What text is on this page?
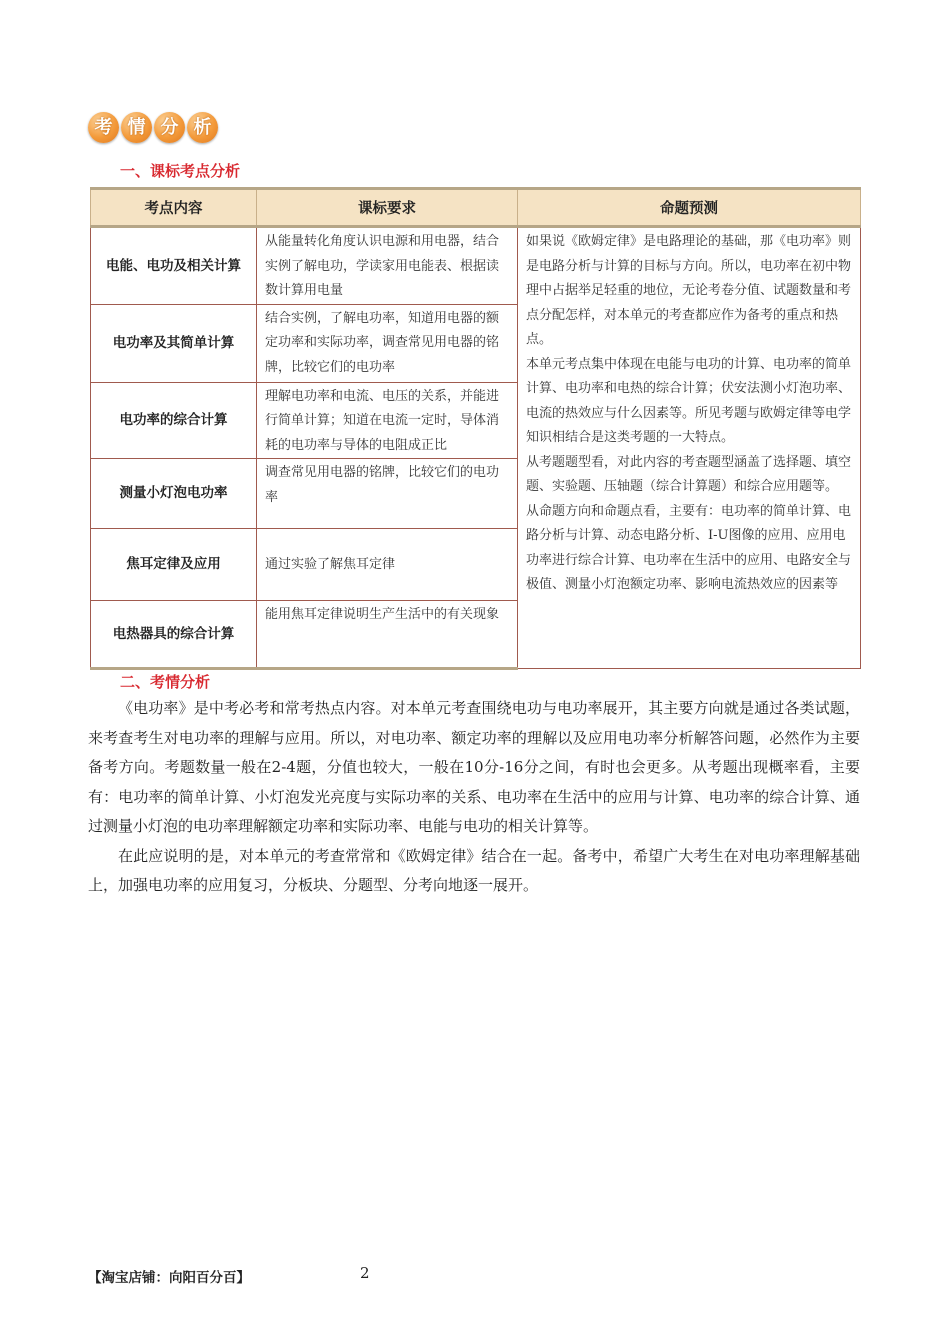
考 情 分 析
一、课标考点分析
考点内容	课标要求	命题预测
电能、电功及相关计算	从能量转化角度认识电源和用电器，结合实例了解电功，学读家用电能表、根据读数计算用电量	如果说《欧姆定律》是电路理论的基础，那《电功率》则是电路分析与计算的目标与方向。所以，电功率在初中物理中占据举足轻重的地位，无论考卷分值、试题数量和考点分配怎样，对本单元的考查都应作为备考的重点和热点。

本单元考点集中体现在电能与电功的计算、电功率的简单计算、电功率和电热的综合计算；伏安法测小灯泡功率、电流的热效应与什么因素等。所见考题与欧姆定律等电学知识相结合是这类考题的一大特点。

从考题题型看，对此内容的考查题型涵盖了选择题、填空题、实验题、压轴题（综合计算题）和综合应用题等。

从命题方向和命题点看，主要有：电功率的简单计算、电路分析与计算、动态电路分析、I-U图像的应用、应用电功率进行综合计算、电功率在生活中的应用、电路安全与极值、测量小灯泡额定功率、影响电流热效应的因素等

电功率及其简单计算	结合实例，了解电功率，知道用电器的额定功率和实际功率，调查常见用电器的铭牌，比较它们的电功率	
电功率的综合计算	理解电功率和电流、电压的关系，并能进行简单计算；知道在电流一定时，导体消耗的电功率与导体的电阻成正比	
测量小灯泡电功率	调查常见用电器的铭牌，比较它们的电功率	
焦耳定律及应用	通过实验了解焦耳定律	
电热器具的综合计算	能用焦耳定律说明生产生活中的有关现象	
二、考情分析

《电功率》是中考必考和常考热点内容。对本单元考查围绕电功与电功率展开，其主要方向就是通过各类试题，来考查考生对电功率的理解与应用。所以，对电功率、额定功率的理解以及应用电功率分析解答问题，必然作为主要备考方向。考题数量一般在2-4题，分值也较大，一般在10分-16分之间，有时也会更多。从考题出现概率看，主要有：电功率的简单计算、小灯泡发光亮度与实际功率的关系、电功率在生活中的应用与计算、电功率的综合计算、通过测量小灯泡的电功率理解额定功率和实际功率、电能与电功的相关计算等。

在此应说明的是，对本单元的考查常常和《欧姆定律》结合在一起。备考中，希望广大考生在对电功率理解基础上，加强电功率的应用复习，分板块、分题型、分考向地逐一展开。

【淘宝店铺：向阳百分百】	2
